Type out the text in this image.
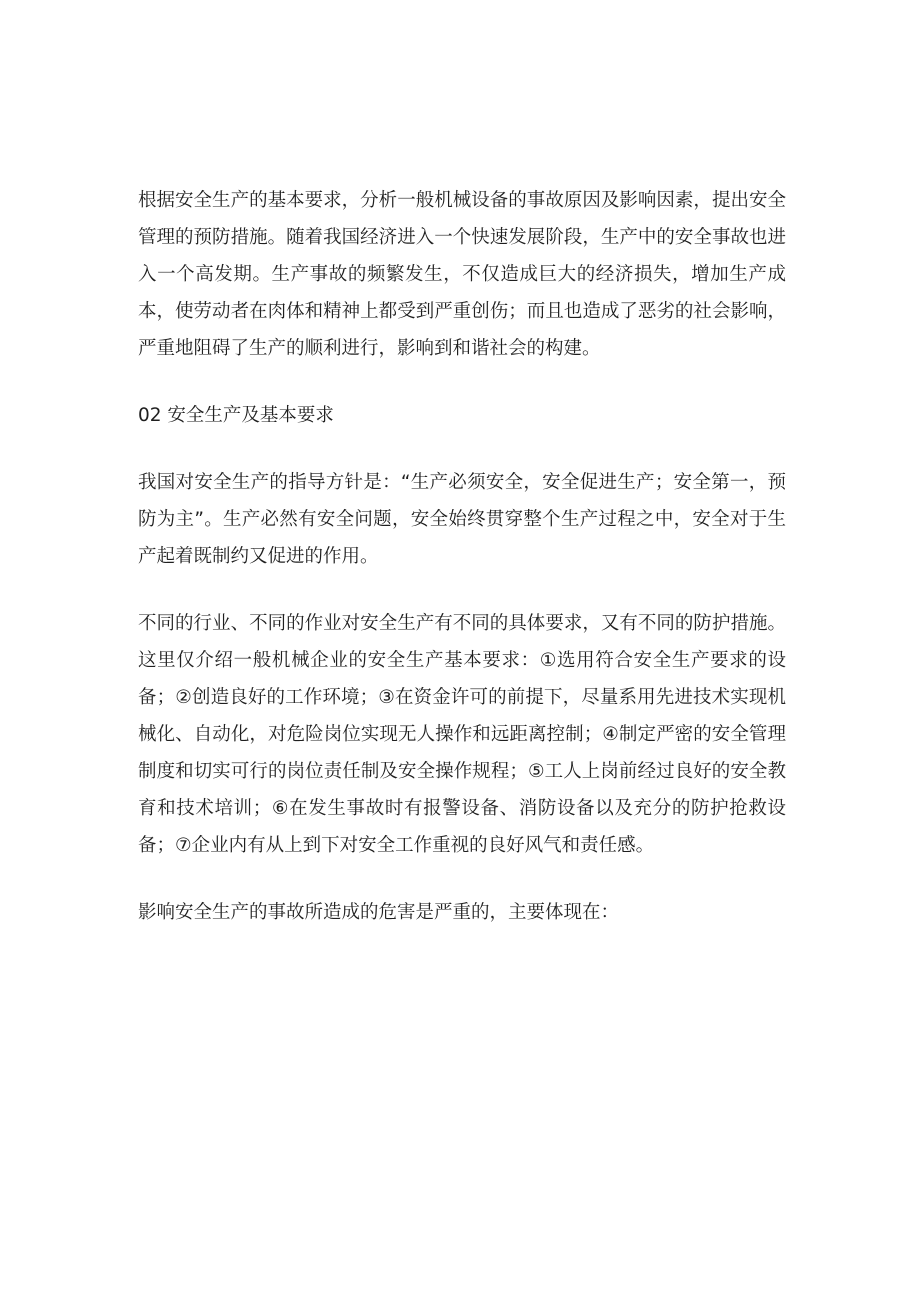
根据安全生产的基本要求，分析一般机械设备的事故原因及影响因素，提出安全管理的预防措施。随着我国经济进入一个快速发展阶段，生产中的安全事故也进入一个高发期。生产事故的频繁发生，不仅造成巨大的经济损失，增加生产成本，使劳动者在肉体和精神上都受到严重创伤；而且也造成了恶劣的社会影响，严重地阻碍了生产的顺利进行，影响到和谐社会的构建。

02 安全生产及基本要求

我国对安全生产的指导方针是：“生产必须安全，安全促进生产；安全第一，预防为主”。生产必然有安全问题，安全始终贯穿整个生产过程之中，安全对于生产起着既制约又促进的作用。

不同的行业、不同的作业对安全生产有不同的具体要求，又有不同的防护措施。这里仅介绍一般机械企业的安全生产基本要求：①选用符合安全生产要求的设备；②创造良好的工作环境；③在资金许可的前提下，尽量系用先进技术实现机械化、自动化，对危险岗位实现无人操作和远距离控制；④制定严密的安全管理制度和切实可行的岗位责任制及安全操作规程；⑤工人上岗前经过良好的安全教育和技术培训；⑥在发生事故时有报警设备、消防设备以及充分的防护抢救设备；⑦企业内有从上到下对安全工作重视的良好风气和责任感。

影响安全生产的事故所造成的危害是严重的，主要体现在：
